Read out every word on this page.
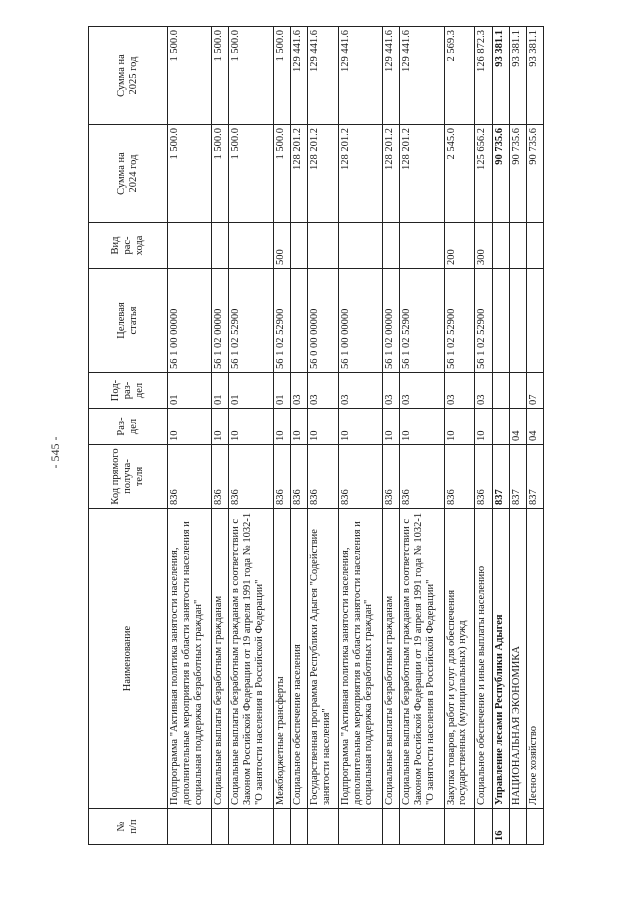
- 545 -
№
п/п	Наименование	Код прямого
получа-
теля	Раз-
дел	Под-
раз-
дел	Целевая
статья	Вид
рас-
хода	Сумма на
2024 год	Сумма на
2025 год
	Подпрограмма "Активная политика занятости населения, дополнительные мероприятия в области занятости населения и социальная поддержка безработных граждан"	836	10	01	56 1 00 00000		1 500.0	1 500.0
	Социальные выплаты безработным гражданам	836	10	01	56 1 02 00000		1 500.0	1 500.0
	Социальные выплаты безработным гражданам в соответствии с Законом Российской Федерации от 19 апреля 1991 года № 1032-1 "О занятости населения в Российской Федерации"	836	10	01	56 1 02 52900		1 500.0	1 500.0
	Межбюджетные трансферты	836	10	01	56 1 02 52900	500	1 500.0	1 500.0
	Социальное обеспечение населения	836	10	03			128 201.2	129 441.6
	Государственная программа Республики Адыгея "Содействие занятости населения"	836	10	03	56 0 00 00000		128 201.2	129 441.6
	Подпрограмма "Активная политика занятости населения, дополнительные мероприятия в области занятости населения и социальная поддержка безработных граждан"	836	10	03	56 1 00 00000		128 201.2	129 441.6
	Социальные выплаты безработным гражданам	836	10	03	56 1 02 00000		128 201.2	129 441.6
	Социальные выплаты безработным гражданам в соответствии с Законом Российской Федерации от 19 апреля 1991 года № 1032-1 "О занятости населения в Российской Федерации"	836	10	03	56 1 02 52900		128 201.2	129 441.6
	Закупка товаров, работ и услуг для обеспечения государственных (муниципальных) нужд	836	10	03	56 1 02 52900	200	2 545.0	2 569.3
	Социальное обеспечение и иные выплаты населению	836	10	03	56 1 02 52900	300	125 656.2	126 872.3
16	Управление лесами Республики Адыгея	837					90 735.6	93 381.1
	НАЦИОНАЛЬНАЯ ЭКОНОМИКА	837	04				90 735.6	93 381.1
	Лесное хозяйство	837	04	07			90 735.6	93 381.1
